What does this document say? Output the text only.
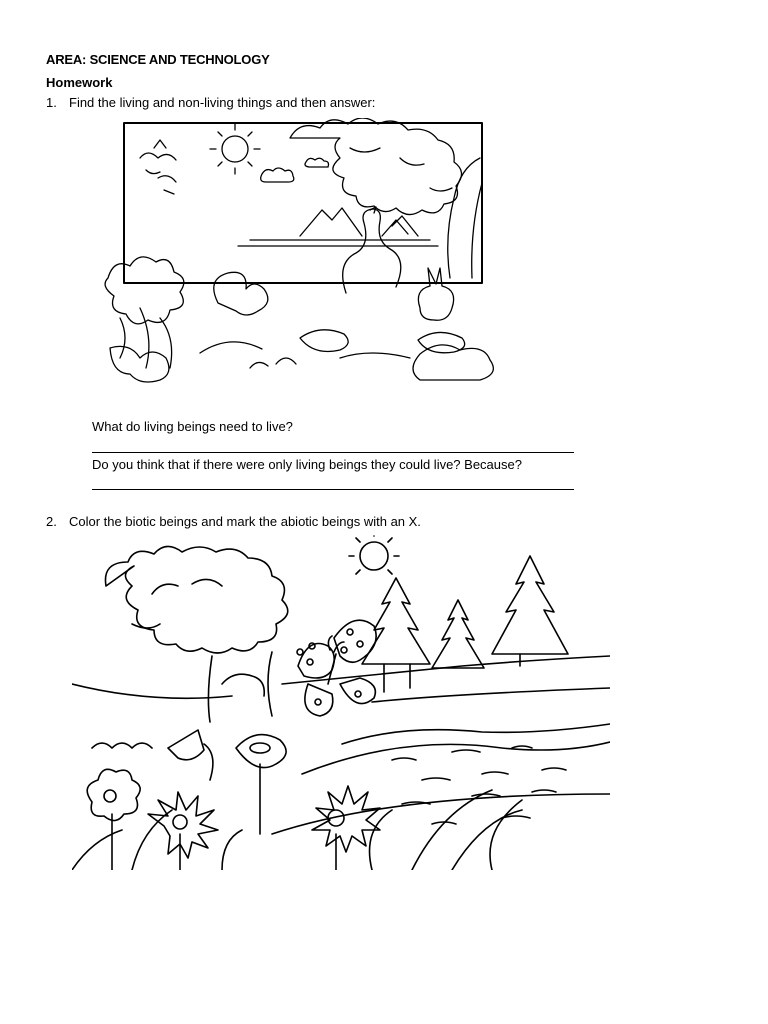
AREA: SCIENCE AND TECHNOLOGY
Homework
1. Find the living and non-living things and then answer:
What do living beings need to live?
Do you think that if there were only living beings they could live? Because?
2. Color the biotic beings and mark the abiotic beings with an X.
